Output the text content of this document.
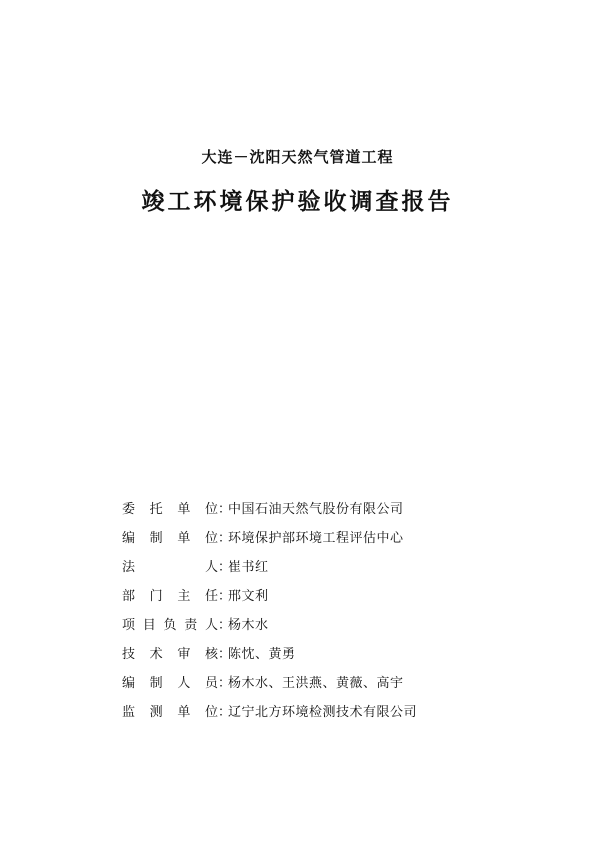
大连－沈阳天然气管道工程
竣工环境保护验收调查报告
委 托 单 位 ：
中国石油天然气股份有限公司
编 制 单 位 ：
环境保护部环境工程评估中心
法	人 ：
崔书红
部 门 主 任 ：
邢文利
项 目 负 责 人 ：
杨木水
技 术 审 核 ：
陈忱、黄勇
编 制 人 员 ：
杨木水、王洪燕、黄薇、高宇
监 测 单 位 ：
辽宁北方环境检测技术有限公司
